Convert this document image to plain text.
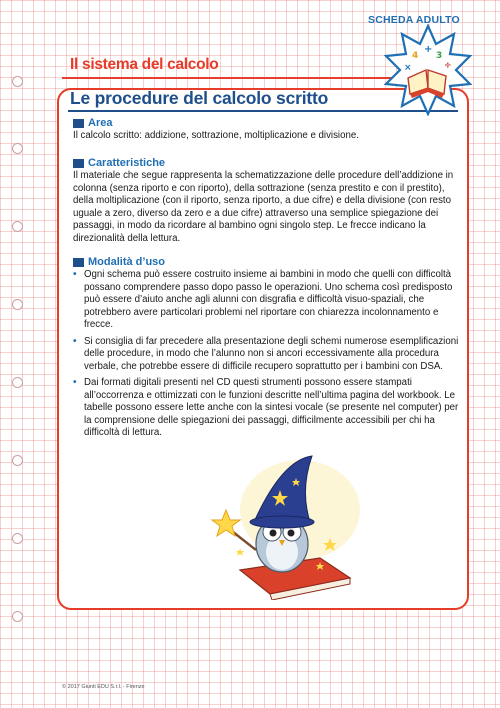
SCHEDA ADULTO
Il sistema del calcolo
Le procedure del calcolo scritto
4
+
3
÷
×
Area

Il calcolo scritto: addizione, sottrazione, moltiplicazione e divisione.

Caratteristiche

Il materiale che segue rappresenta la schematizzazione delle procedure dell’addizione in colonna (senza riporto e con riporto), della sottrazione (senza prestito e con il prestito), della moltiplicazione (con il riporto, senza riporto, a due cifre) e della divisione (con resto uguale a zero, diverso da zero e a due cifre) attraverso una semplice spiegazione dei passaggi, in modo da ricordare al bambino ogni singolo step. Le frecce indicano la direzionalità della lettura.

Modalità d’uso
• Ogni schema può essere costruito insieme ai bambini in modo che quelli con difficoltà possano comprendere passo dopo passo le operazioni. Uno schema così predisposto può essere d’aiuto anche agli alunni con disgrafia e difficoltà visuo-spaziali, che potrebbero avere particolari problemi nel riportare con chiarezza incolonnamento e frecce.
• Si consiglia di far precedere alla presentazione degli schemi numerose esemplificazioni delle procedure, in modo che l’alunno non si ancori eccessivamente alla procedura verbale, che potrebbe essere di difficile recupero soprattutto per i bambini con DSA.
• Dai formati digitali presenti nel CD questi strumenti possono essere stampati all’occorrenza e ottimizzati con le funzioni descritte nell’ultima pagina del workbook. Le tabelle possono essere lette anche con la sintesi vocale (se presente nel computer) per la comprensione delle spiegazioni dei passaggi, difficilmente accessibili per chi ha difficoltà di lettura.
© 2017 Giunti EDU S.r.l. - Firenze
